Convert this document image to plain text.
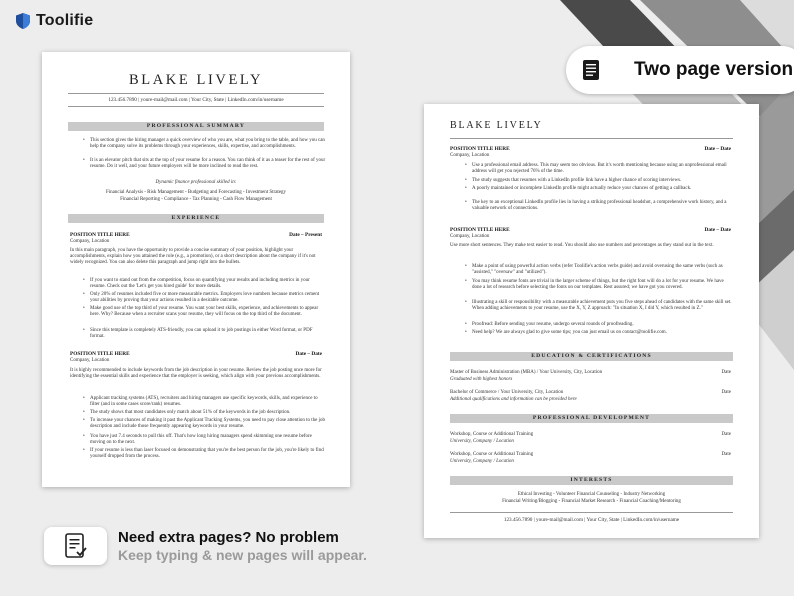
Toolifie
Two page version
BLAKE LIVELY
123.456.7890 | youre-mail@mail.com | Your City, State | LinkedIn.com/in/username
PROFESSIONAL SUMMARY
• This section gives the hiring manager a quick overview of who you are, what you bring to the table, and how you can help the company solve its problems through your experiences, skills, expertise, and accomplishments.
• It is an elevator pitch that sits at the top of your resume for a reason. You can think of it as a teaser for the rest of your resume. Do it well, and your future employers will be more inclined to read the rest.
Dynamic finance professional skilled in:
Financial Analysis - Risk Management - Budgeting and Forecasting - Investment Strategy
Financial Reporting - Compliance - Tax Planning - Cash Flow Management
EXPERIENCE
POSITION TITLE HERE	Date – Present
Company, Location
In this main paragraph, you have the opportunity to provide a concise summary of your position, highlight your accomplishments, explain how you attained the role (e.g., a promotion), or a short description about the company if it's not widely recognized. You can also delete this paragraph and jump right into the bullets.
• If you want to stand out from the competition, focus on quantifying your results and including metrics in your resume. Check out the 'Let's get you hired guide' for more details.
• Only 20% of resumes included five or more measurable metrics. Employers love numbers because metrics cement your abilities by proving that your actions resulted in a desirable outcome.
• Make good use of the top third of your resume. You want your best skills, experience, and achievements to appear here. Why? Because when a recruiter scans your resume, they will focus on the top third of the document.
• Since this template is completely ATS-friendly, you can upload it to job postings in either Word format, or PDF format.
POSITION TITLE HERE	Date – Date
Company, Location
It is highly recommended to include keywords from the job description in your resume. Review the job posting once more for identifying the essential skills and experience that the employer is seeking, which align with your previous accomplishments.
• Applicant tracking systems (ATS), recruiters and hiring managers use specific keywords, skills, and experience to filter (and in some cases score/rank) resumes.
• The study shows that most candidates only match about 51% of the keywords in the job description.
• To increase your chances of making it past the Applicant Tracking Systems, you need to pay close attention to the job description and include those frequently appearing keywords in your resume.
• You have just 7.4 seconds to pull this off. That's how long hiring managers spend skimming one resume before moving on to the next.
• If your resume is less than laser focused on demonstrating that you're the best person for the job, you're likely to find yourself dropped from the process.
BLAKE LIVELY
POSITION TITLE HERE	Date – Date
Company, Location
• Use a professional email address. This may seem too obvious. But it's worth mentioning because using an unprofessional email address will get you rejected 76% of the time.
• The study suggests that resumes with a LinkedIn profile link have a higher chance of scoring interviews.
• A poorly maintained or incomplete LinkedIn profile might actually reduce your chances of getting a callback.
• The key to an exceptional LinkedIn profile lies in having a striking professional headshot, a comprehensive work history, and a valuable network of connections.
POSITION TITLE HERE	Date – Date
Company, Location
Use more short sentences. They make text easier to read. You should also use numbers and percentages as they stand out in the text.
• Make a point of using powerful action verbs (refer Toolifie's action verbs guide) and avoid overusing the same verbs (such as "assisted," "oversaw" and "utilized").
• You may think resume fonts are trivial in the larger scheme of things, but the right font will do a lot for your resume. We have done a lot of research before selecting the fonts on our templates. Rest assured; we have got you covered.
• Illustrating a skill or responsibility with a measurable achievement puts you five steps ahead of candidates with the same skill set. When adding achievements to your resume, use the X, Y, Z approach: "In situation X, I did Y, which resulted in Z."
• Proofread: Before sending your resume, undergo several rounds of proofreading.
• Need help? We are always glad to give some tips; you can just email us on contact@toolifie.com.
EDUCATION & CERTIFICATIONS
Master of Business Administration (MBA) / Your University, City, Location	Date
Graduated with highest honors
Bachelor of Commerce / Your University, City, Location	Date
Additional qualifications and information can be provided here
PROFESSIONAL DEVELOPMENT
Workshop, Course or Additional Training	Date
University, Company / Location
Workshop, Course or Additional Training	Date
University, Company / Location
INTERESTS
Ethical Investing - Volunteer Financial Counseling - Industry Networking
Financial Writing/Blogging - Financial Market Research - Financial Coaching/Mentoring
123.456.7890 | youre-mail@mail.com | Your City, State | LinkedIn.com/in/username
Need extra pages? No problem
Keep typing & new pages will appear.
